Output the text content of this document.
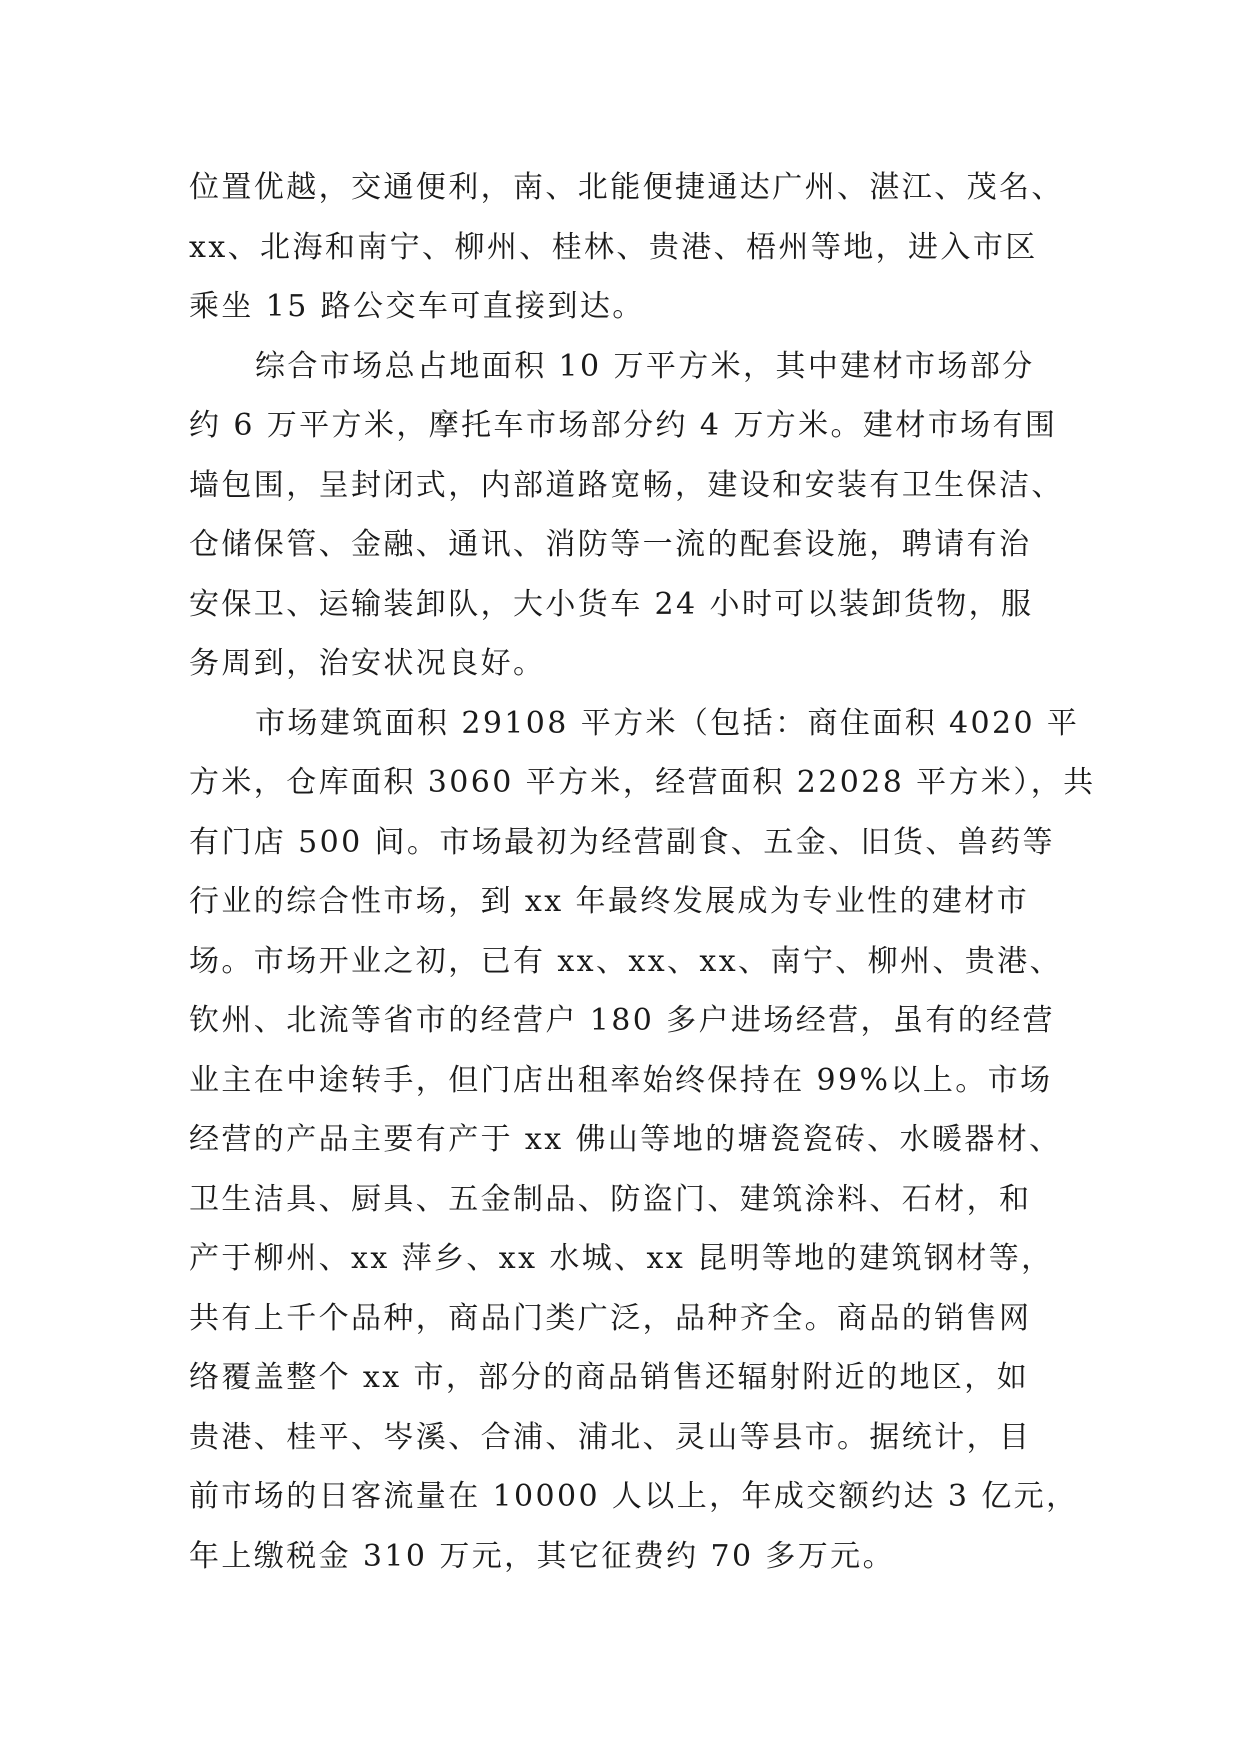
位置优越，交通便利，南、北能便捷通达广州、湛江、茂名、
xx、北海和南宁、柳州、桂林、贵港、梧州等地，进入市区
乘坐 15 路公交车可直接到达。
综合市场总占地面积 10 万平方米，其中建材市场部分
约 6 万平方米，摩托车市场部分约 4 万方米。建材市场有围
墙包围，呈封闭式，内部道路宽畅，建设和安装有卫生保洁、
仓储保管、金融、通讯、消防等一流的配套设施，聘请有治
安保卫、运输装卸队，大小货车 24 小时可以装卸货物，服
务周到，治安状况良好。
市场建筑面积 29108 平方米（包括：商住面积 4020 平
方米，仓库面积 3060 平方米，经营面积 22028 平方米），共
有门店 500 间。市场最初为经营副食、五金、旧货、兽药等
行业的综合性市场，到 xx 年最终发展成为专业性的建材市
场。市场开业之初，已有 xx、xx、xx、南宁、柳州、贵港、
钦州、北流等省市的经营户 180 多户进场经营，虽有的经营
业主在中途转手，但门店出租率始终保持在 99%以上。市场
经营的产品主要有产于 xx 佛山等地的塘瓷瓷砖、水暖器材、
卫生洁具、厨具、五金制品、防盗门、建筑涂料、石材，和
产于柳州、xx 萍乡、xx 水城、xx 昆明等地的建筑钢材等，
共有上千个品种，商品门类广泛，品种齐全。商品的销售网
络覆盖整个 xx 市，部分的商品销售还辐射附近的地区，如
贵港、桂平、岑溪、合浦、浦北、灵山等县市。据统计，目
前市场的日客流量在 10000 人以上，年成交额约达 3 亿元，
年上缴税金 310 万元，其它征费约 70 多万元。
